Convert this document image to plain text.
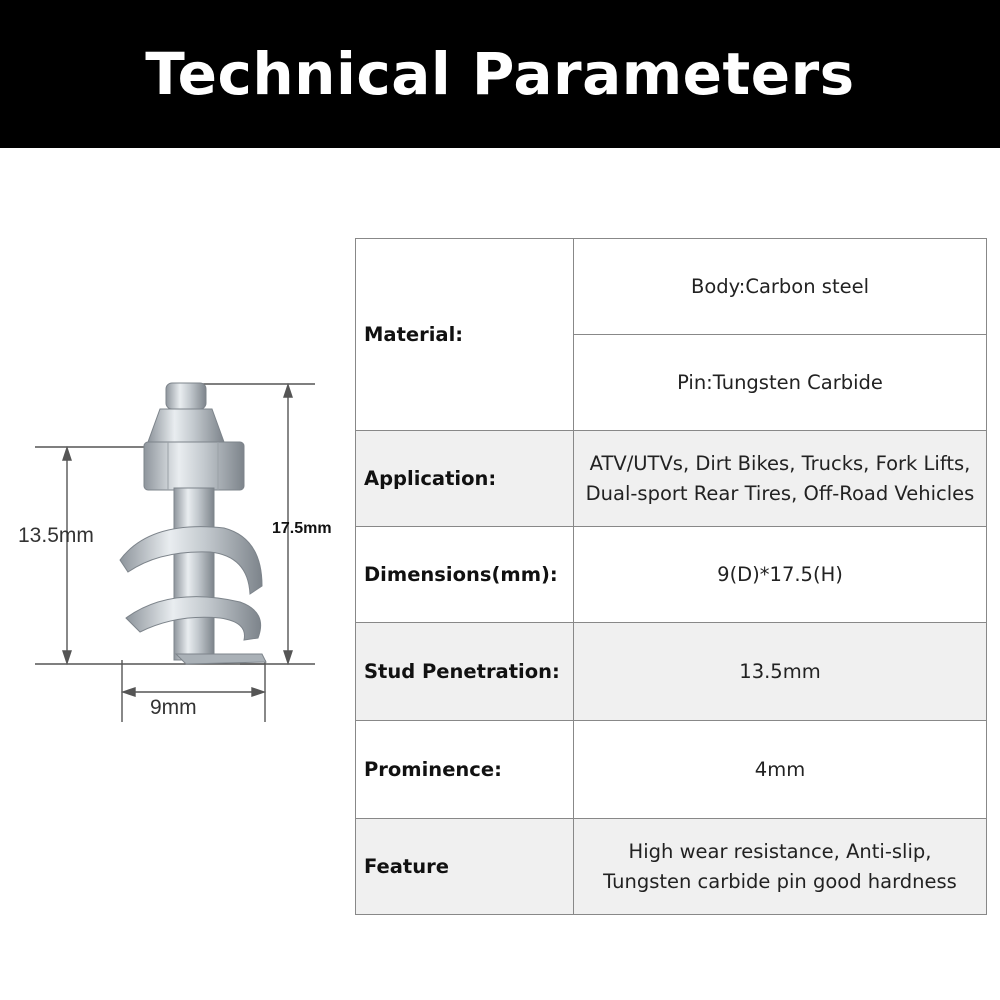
Technical Parameters
13.5mm	17.5mm
9mm
Material:	Body:Carbon steel
	Pin:Tungsten Carbide
Application:	ATV/UTVs, Dirt Bikes, Trucks, Fork Lifts, Dual-sport Rear Tires, Off-Road Vehicles
Dimensions(mm):	9(D)*17.5(H)
Stud Penetration:	13.5mm
Prominence:	4mm
Feature	High wear resistance, Anti-slip, Tungsten carbide pin good hardness
